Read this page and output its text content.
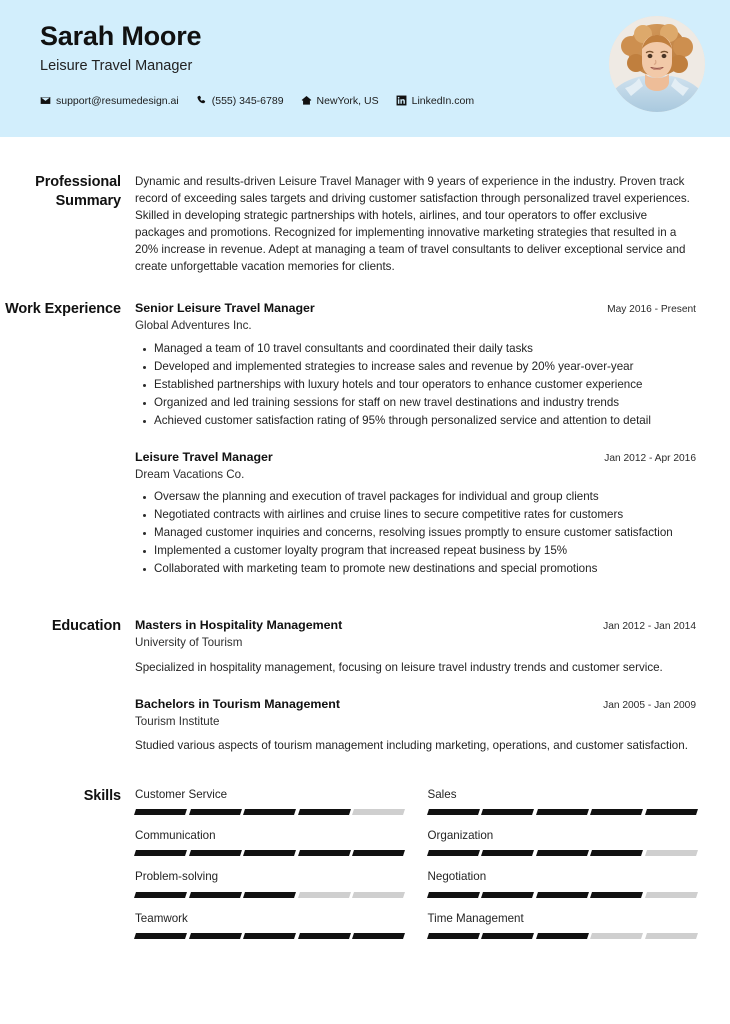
Sarah Moore
Leisure Travel Manager
support@resumedesign.ai	(555) 345-6789	NewYork, US	LinkedIn.com
Professional Summary

Dynamic and results-driven Leisure Travel Manager with 9 years of experience in the industry. Proven track record of exceeding sales targets and driving customer satisfaction through personalized travel experiences. Skilled in developing strategic partnerships with hotels, airlines, and tour operators to offer exclusive packages and promotions. Recognized for implementing innovative marketing strategies that resulted in a 20% increase in revenue. Adept at managing a team of travel consultants to deliver exceptional service and create unforgettable vacation memories for clients.

Work Experience	Senior Leisure Travel Manager	May 2016 - Present
Global Adventures Inc.
Managed a team of 10 travel consultants and coordinated their daily tasks
Developed and implemented strategies to increase sales and revenue by 20% year-over-year
Established partnerships with luxury hotels and tour operators to enhance customer experience
Organized and led training sessions for staff on new travel destinations and industry trends
Achieved customer satisfaction rating of 95% through personalized service and attention to detail
Leisure Travel Manager	Jan 2012 - Apr 2016
Dream Vacations Co.
Oversaw the planning and execution of travel packages for individual and group clients
Negotiated contracts with airlines and cruise lines to secure competitive rates for customers
Managed customer inquiries and concerns, resolving issues promptly to ensure customer satisfaction
Implemented a customer loyalty program that increased repeat business by 15%
Collaborated with marketing team to promote new destinations and special promotions
Education	Masters in Hospitality Management	Jan 2012 - Jan 2014
University of Tourism
Specialized in hospitality management, focusing on leisure travel industry trends and customer service.
Bachelors in Tourism Management	Jan 2005 - Jan 2009
Tourism Institute
Studied various aspects of tourism management including marketing, operations, and customer satisfaction.
Skills	Customer Service	Sales
Communication	Organization
Problem-solving	Negotiation
Teamwork	Time Management
